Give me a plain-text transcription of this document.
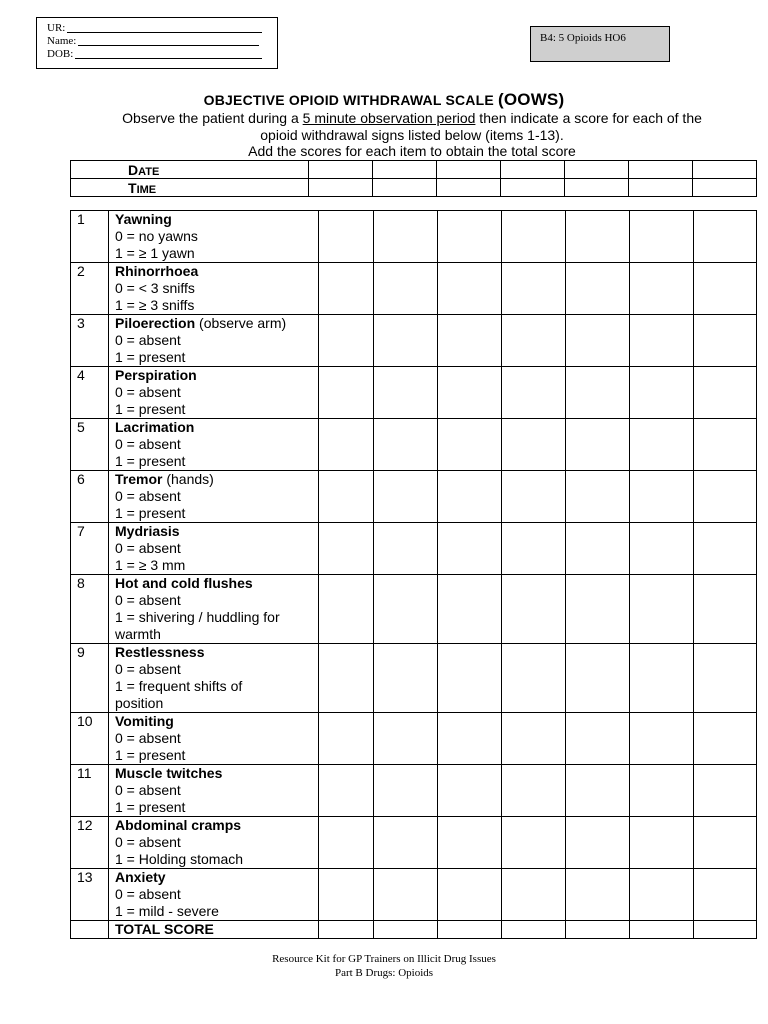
UR:
Name:
DOB:
B4: 5 Opioids HO6
OBJECTIVE OPIOID WITHDRAWAL SCALE (OOWS)
Observe the patient during a 5 minute observation period then indicate a score for each of the
opioid withdrawal signs listed below (items 1-13).
Add the scores for each item to obtain the total score
DATE							
TIME							
1	Yawning
0 = no yawns
1 = ≥ 1 yawn							

2	Rhinorrhoea
0 = < 3 sniffs
1 = ≥ 3 sniffs							

3	Piloerection (observe arm)
0 = absent
1 = present							

4	Perspiration
0 = absent
1 = present							

5	Lacrimation
0 = absent
1 = present							

6	Tremor (hands)
0 = absent
1 = present							

7	Mydriasis
0 = absent
1 = ≥ 3 mm							

8	Hot and cold flushes
0 = absent
1 = shivering / huddling for
warmth							

9	Restlessness
0 = absent
1 = frequent shifts of
position							

10	Vomiting
0 = absent
1 = present							

11	Muscle twitches
0 = absent
1 = present							

12	Abdominal cramps
0 = absent
1 = Holding stomach							

13	Anxiety
0 = absent
1 = mild - severe							

	TOTAL SCORE							
Resource Kit for GP Trainers on Illicit Drug Issues
Part B Drugs: Opioids
